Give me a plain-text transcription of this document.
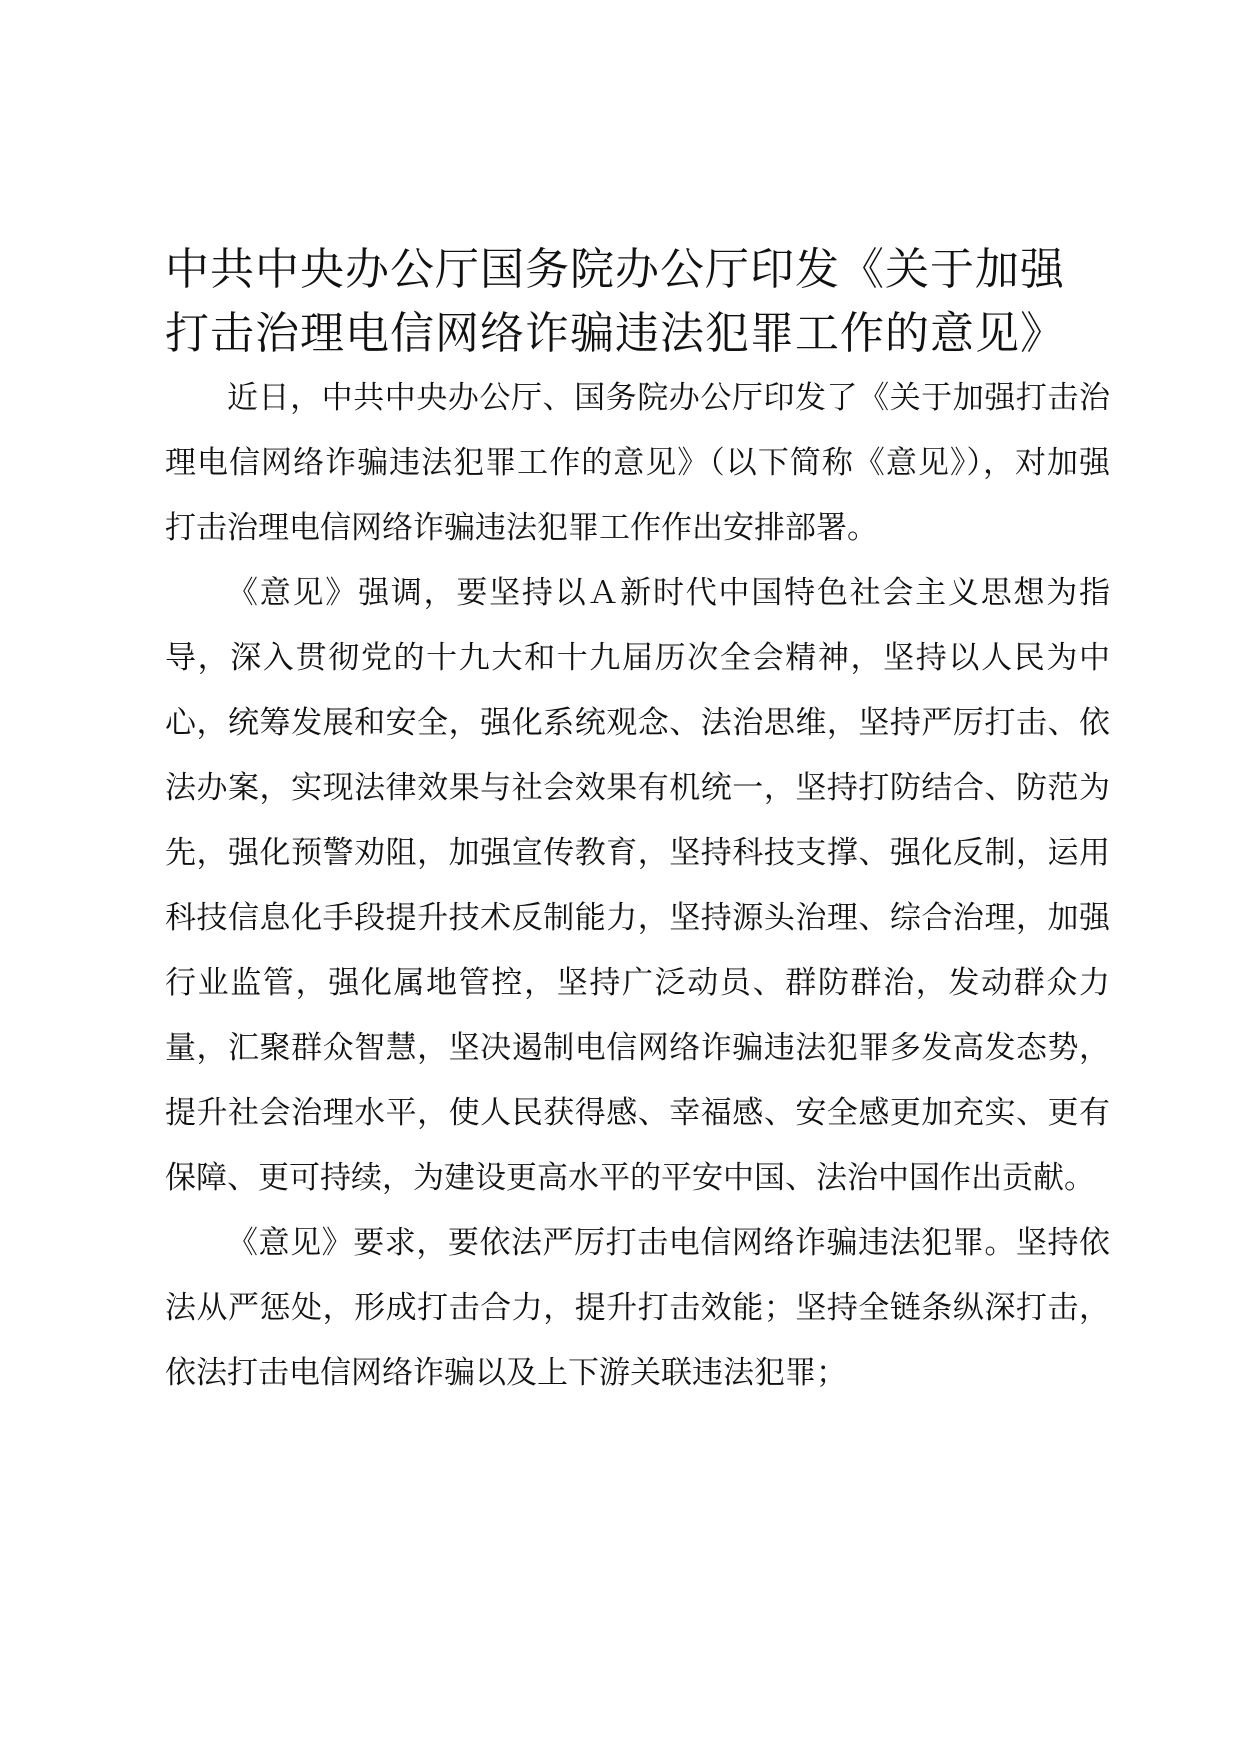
中共中央办公厅国务院办公厅印发《关于加强
打击治理电信网络诈骗违法犯罪工作的意见》

近日，中共中央办公厅、国务院办公厅印发了《关于加强打击治理电信网络诈骗违法犯罪工作的意见》（以下简称《意见》），对加强打击治理电信网络诈骗违法犯罪工作作出安排部署。

《意见》强调，要坚持以Ａ新时代中国特色社会主义思想为指导，深入贯彻党的十九大和十九届历次全会精神，坚持以人民为中心，统筹发展和安全，强化系统观念、法治思维，坚持严厉打击、依法办案，实现法律效果与社会效果有机统一，坚持打防结合、防范为先，强化预警劝阻，加强宣传教育，坚持科技支撑、强化反制，运用科技信息化手段提升技术反制能力，坚持源头治理、综合治理，加强行业监管，强化属地管控，坚持广泛动员、群防群治，发动群众力量，汇聚群众智慧，坚决遏制电信网络诈骗违法犯罪多发高发态势，提升社会治理水平，使人民获得感、幸福感、安全感更加充实、更有保障、更可持续，为建设更高水平的平安中国、法治中国作出贡献。

《意见》要求，要依法严厉打击电信网络诈骗违法犯罪。坚持依法从严惩处，形成打击合力，提升打击效能；坚持全链条纵深打击，依法打击电信网络诈骗以及上下游关联违法犯罪；
